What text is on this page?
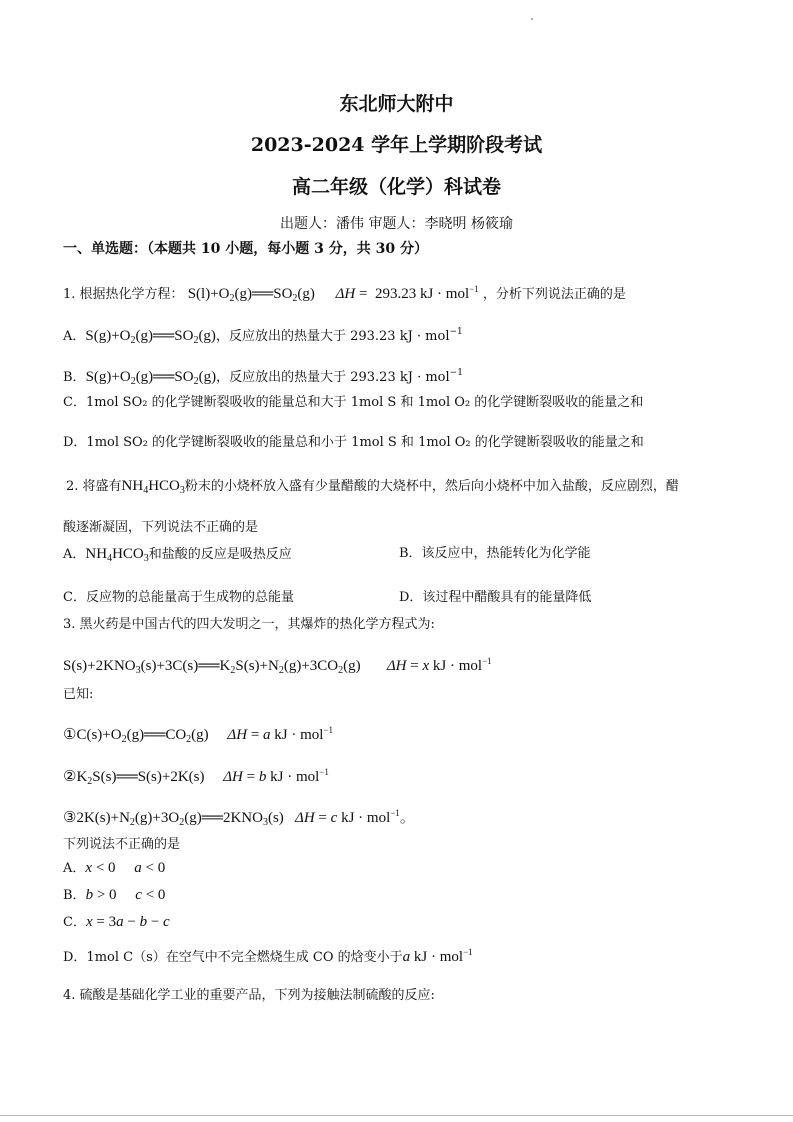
东北师大附中
2023-2024 学年上学期阶段考试
高二年级（化学）科试卷
出题人：潘伟 审题人：李晓明 杨筱瑜
一、单选题：（本题共 10 小题，每小题 3 分，共 30 分）
1. 根据热化学方程： $S(l)+O_2(g)══SO_2(g) \Delta H = 293.23$ kJ · mol$^{-1}$ ，分析下列说法正确的是
A．$S(g)+O_2(g)══SO_2(g)$，反应放出的热量大于 293.23 kJ · mol$^{-1}$
B．$S(g)+O_2(g)══SO_2(g)$，反应放出的热量大于 293.23 kJ · mol$^{-1}$
C．1mol SO₂ 的化学键断裂吸收的能量总和大于 1mol S 和 1mol O₂ 的化学键断裂吸收的能量之和
D．1mol SO₂ 的化学键断裂吸收的能量总和小于 1mol S 和 1mol O₂ 的化学键断裂吸收的能量之和
2. 将盛有$NH_4HCO_3$粉末的小烧杯放入盛有少量醋酸的大烧杯中，然后向小烧杯中加入盐酸，反应剧烈，醋
酸逐渐凝固，下列说法不正确的是
A．$NH_4HCO_3$和盐酸的反应是吸热反应	B．该反应中，热能转化为化学能
C．反应物的总能量高于生成物的总能量	D．该过程中醋酸具有的能量降低
3. 黑火药是中国古代的四大发明之一，其爆炸的热化学方程式为:
$S(s)+2KNO_3(s)+3C(s)══K_2S(s)+N_2(g)+3CO_2(g)$       ΔH = x kJ · mol$^{-1}$
已知:
$①C(s)+O_2(g)══CO_2(g)$     ΔH = a kJ · mol$^{-1}$
$②K_2S(s)══S(s)+2K(s)$     ΔH = b kJ · mol$^{-1}$
$③2K(s)+N_2(g)+3O_2(g)══2KNO_3(s) \Delta H = c$ kJ · mol$^{-1}$。
下列说法不正确的是
A．x < 0     a < 0
B．b > 0     c < 0
C．x = 3a − b − c
D．1mol C（s）在空气中不完全燃烧生成 CO 的焓变小于a kJ · mol$^{-1}$
4. 硫酸是基础化学工业的重要产品，下列为接触法制硫酸的反应:
